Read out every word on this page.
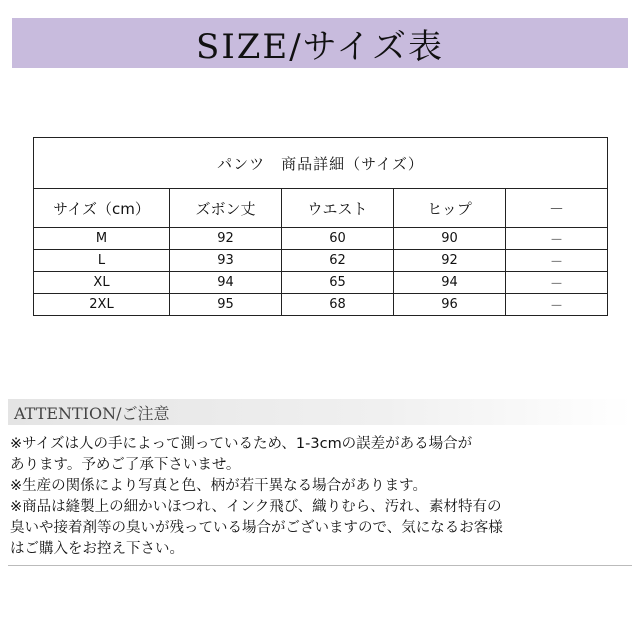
SIZE/サイズ表
パンツ　商品詳細（サイズ）				
サイズ（cm）	ズボン丈	ウエスト	ヒップ	－
M	92	60	90	－
L	93	62	92	－
XL	94	65	94	－
2XL	95	68	96	－
ATTENTION/ご注意
※サイズは人の手によって測っているため、1-3cmの誤差がある場合が
あります。予めご了承下さいませ。
※生産の関係により写真と色、柄が若干異なる場合があります。
※商品は縫製上の細かいほつれ、インク飛び、織りむら、汚れ、素材特有の
臭いや接着剤等の臭いが残っている場合がございますので、気になるお客様
はご購入をお控え下さい。
